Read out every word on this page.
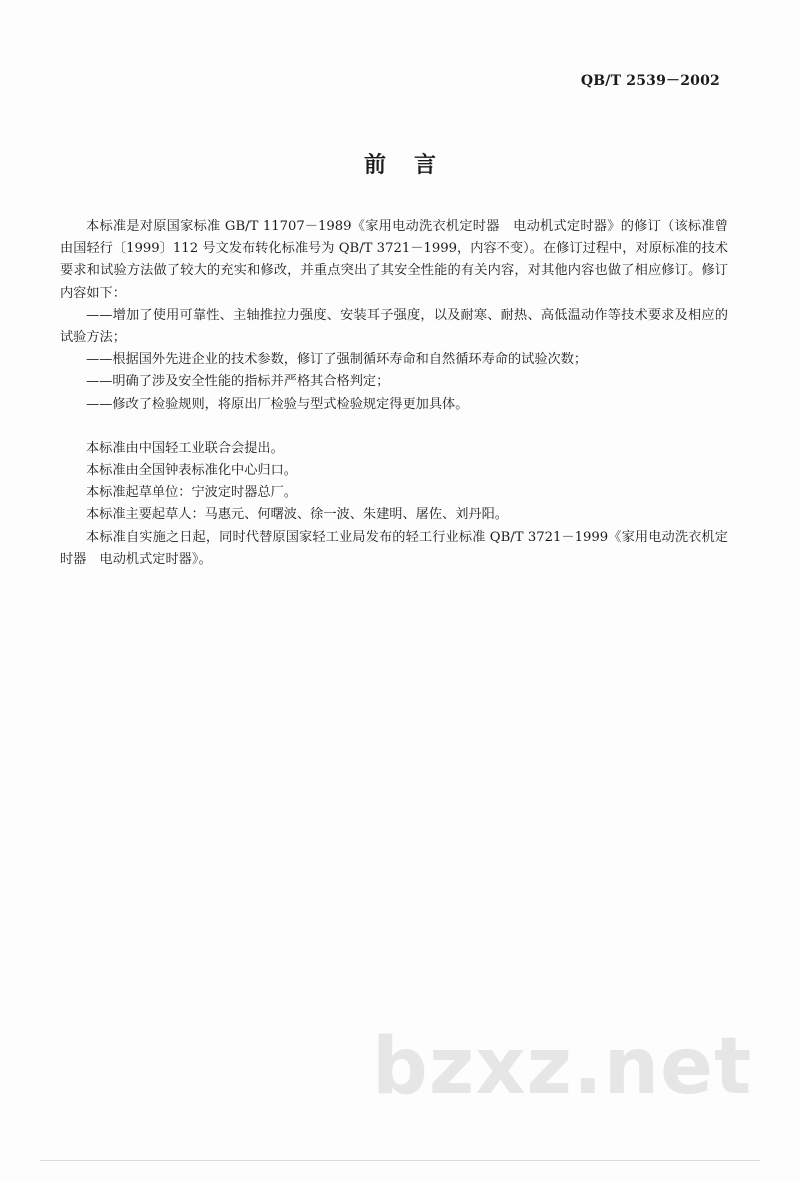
QB/T 2539－2002
前言

本标准是对原国家标准 GB/T 11707－1989《家用电动洗衣机定时器　电动机式定时器》的修订（该标准曾由国轻行〔1999〕112 号文发布转化标准号为 QB/T 3721－1999，内容不变）。在修订过程中，对原标准的技术要求和试验方法做了较大的充实和修改，并重点突出了其安全性能的有关内容，对其他内容也做了相应修订。修订内容如下：

——增加了使用可靠性、主轴推拉力强度、安装耳子强度，以及耐寒、耐热、高低温动作等技术要求及相应的试验方法；

——根据国外先进企业的技术参数，修订了强制循环寿命和自然循环寿命的试验次数；

——明确了涉及安全性能的指标并严格其合格判定；

——修改了检验规则，将原出厂检验与型式检验规定得更加具体。

本标准由中国轻工业联合会提出。

本标准由全国钟表标准化中心归口。

本标准起草单位：宁波定时器总厂。

本标准主要起草人：马惠元、何曙波、徐一波、朱建明、屠佐、刘丹阳。

本标准自实施之日起，同时代替原国家轻工业局发布的轻工行业标准 QB/T 3721－1999《家用电动洗衣机定时器　电动机式定时器》。

bzxz.net
